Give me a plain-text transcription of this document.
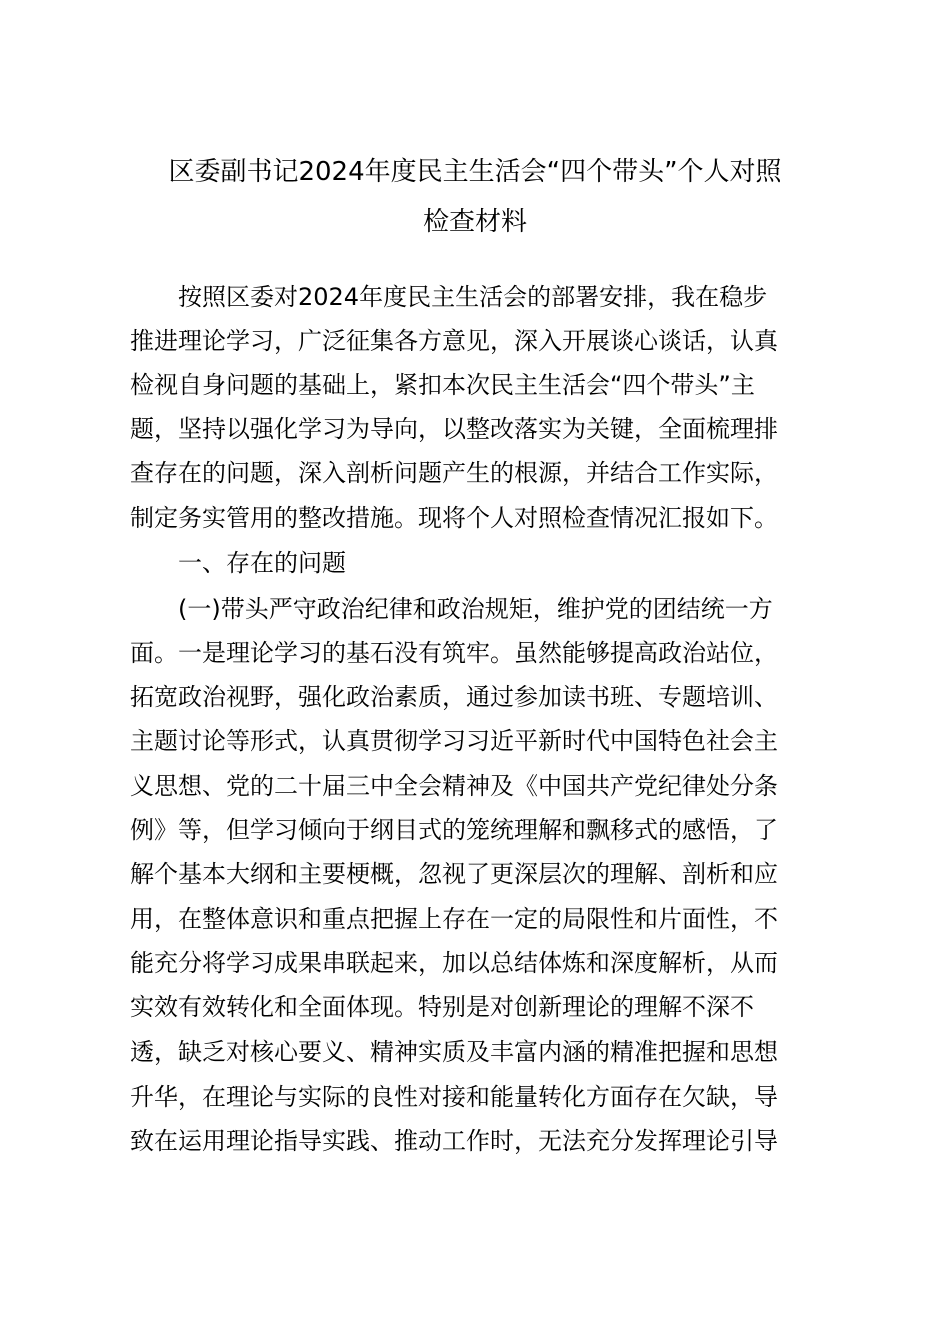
区委副书记2024年度民主生活会“四个带头”个人对照
检查材料

按照区委对2024年度民主生活会的部署安排，我在稳步

推进理论学习，广泛征集各方意见，深入开展谈心谈话，认真

检视自身问题的基础上，紧扣本次民主生活会“四个带头”主

题，坚持以强化学习为导向，以整改落实为关键，全面梳理排

查存在的问题，深入剖析问题产生的根源，并结合工作实际，

制定务实管用的整改措施。现将个人对照检查情况汇报如下。

一、存在的问题

(一)带头严守政治纪律和政治规矩，维护党的团结统一方

面。一是理论学习的基石没有筑牢。虽然能够提高政治站位，

拓宽政治视野，强化政治素质，通过参加读书班、专题培训、

主题讨论等形式，认真贯彻学习习近平新时代中国特色社会主

义思想、党的二十届三中全会精神及《中国共产党纪律处分条

例》等，但学习倾向于纲目式的笼统理解和飘移式的感悟，了

解个基本大纲和主要梗概，忽视了更深层次的理解、剖析和应

用，在整体意识和重点把握上存在一定的局限性和片面性，不

能充分将学习成果串联起来，加以总结体炼和深度解析，从而

实效有效转化和全面体现。特别是对创新理论的理解不深不

透，缺乏对核心要义、精神实质及丰富内涵的精准把握和思想

升华，在理论与实际的良性对接和能量转化方面存在欠缺，导

致在运用理论指导实践、推动工作时，无法充分发挥理论引导
